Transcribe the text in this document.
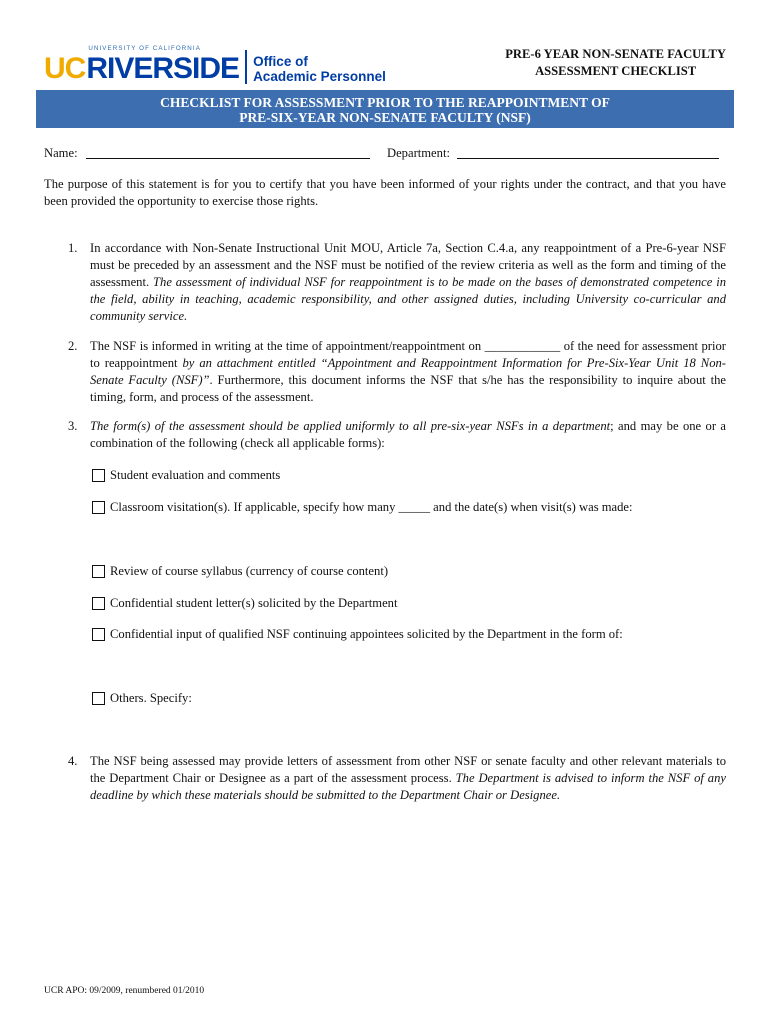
UC
UNIVERSITY OF CALIFORNIA
RIVERSIDE Office of
Academic Personnel
PRE-6 YEAR NON-SENATE FACULTY
ASSESSMENT CHECKLIST
CHECKLIST FOR ASSESSMENT PRIOR TO THE REAPPOINTMENT OF
PRE-SIX-YEAR NON-SENATE FACULTY (NSF)
Name:	Department:
The purpose of this statement is for you to certify that you have been informed of your rights under the contract, and that you have been provided the opportunity to exercise those rights.
1. In accordance with Non-Senate Instructional Unit MOU, Article 7a, Section C.4.a, any reappointment of a Pre-6-year NSF must be preceded by an assessment and the NSF must be notified of the review criteria as well as the form and timing of the assessment. The assessment of individual NSF for reappointment is to be made on the bases of demonstrated competence in the field, ability in teaching, academic responsibility, and other assigned duties, including University co-curricular and community service.
2. The NSF is informed in writing at the time of appointment/reappointment on ____________ of the need for assessment prior to reappointment by an attachment entitled “Appointment and Reappointment Information for Pre-Six-Year Unit 18 Non-Senate Faculty (NSF)”. Furthermore, this document informs the NSF that s/he has the responsibility to inquire about the timing, form, and process of the assessment.
3. The form(s) of the assessment should be applied uniformly to all pre-six-year NSFs in a department; and may be one or a combination of the following (check all applicable forms):
Student evaluation and comments
Classroom visitation(s). If applicable, specify how many _____ and the date(s) when visit(s) was made:
Review of course syllabus (currency of course content)
Confidential student letter(s) solicited by the Department
Confidential input of qualified NSF continuing appointees solicited by the Department in the form of:
Others. Specify:
4. The NSF being assessed may provide letters of assessment from other NSF or senate faculty and other relevant materials to the Department Chair or Designee as a part of the assessment process. The Department is advised to inform the NSF of any deadline by which these materials should be submitted to the Department Chair or Designee.
UCR APO: 09/2009, renumbered 01/2010
